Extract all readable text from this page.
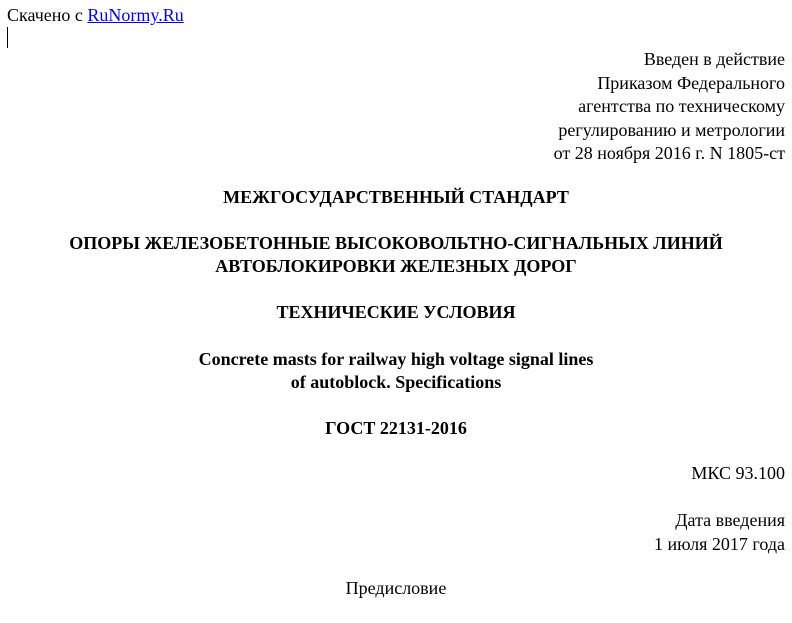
Скачено с RuNormy.Ru
Введен в действие
Приказом Федерального
агентства по техническому
регулированию и метрологии
от 28 ноября 2016 г. N 1805-ст
МЕЖГОСУДАРСТВЕННЫЙ СТАНДАРТ
ОПОРЫ ЖЕЛЕЗОБЕТОННЫЕ ВЫСОКОВОЛЬТНО-СИГНАЛЬНЫХ ЛИНИЙ
АВТОБЛОКИРОВКИ ЖЕЛЕЗНЫХ ДОРОГ
ТЕХНИЧЕСКИЕ УСЛОВИЯ
Concrete masts for railway high voltage signal lines
of autoblock. Specifications
ГОСТ 22131-2016
МКС 93.100
Дата введения
1 июля 2017 года
Предисловие
